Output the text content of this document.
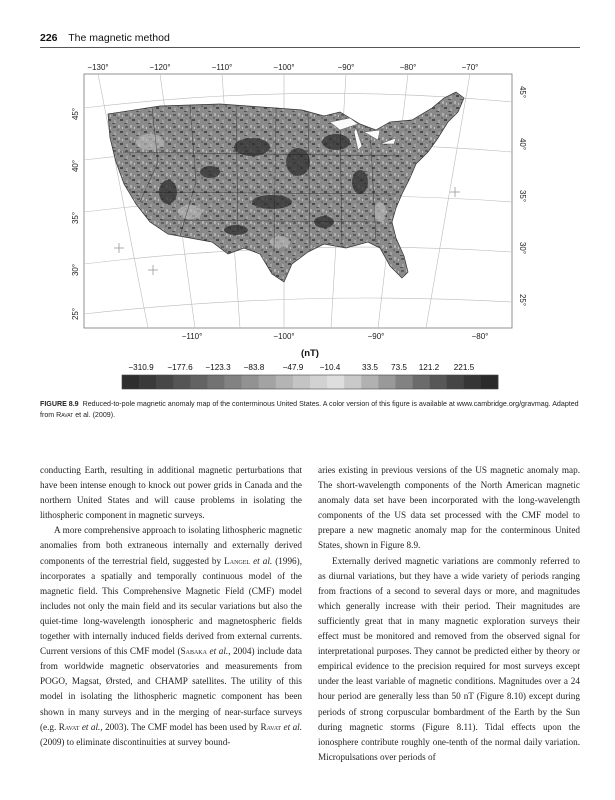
226 The magnetic method
−130°	−120°	−110°	−100°	−90°	−80°	−70°
−110°	−100°	−90°	−80°
45°
40°
35°
30°
25°
45°
40°
35°
30°
25°
(nT)
−310.9 −177.6 −123.3 −83.8 −47.9 −10.4	33.5 73.5 121.2 221.5
FIGURE 8.9 Reduced-to-pole magnetic anomaly map of the conterminous United States. A color version of this figure is available at www.cambridge.org/gravmag. Adapted from Ravat et al. (2009).

conducting Earth, resulting in additional magnetic perturbations that have been intense enough to knock out power grids in Canada and the northern United States and will cause problems in isolating the lithospheric component in magnetic surveys.

A more comprehensive approach to isolating lithospheric magnetic anomalies from both extraneous internally and externally derived components of the terrestrial field, suggested by Langel et al. (1996), incorporates a spatially and temporally continuous model of the magnetic field. This Comprehensive Magnetic Field (CMF) model includes not only the main field and its secular variations but also the quiet-time long-wavelength ionospheric and magnetospheric fields together with internally induced fields derived from external currents. Current versions of this CMF model (Sabaka et al., 2004) include data from worldwide magnetic observatories and measurements from POGO, Magsat, Ørsted, and CHAMP satellites. The utility of this model in isolating the lithospheric magnetic component has been shown in many surveys and in the merging of near-surface surveys (e.g. Ravat et al., 2003). The CMF model has been used by Ravat et al. (2009) to eliminate discontinuities at survey bound-

aries existing in previous versions of the US magnetic anomaly map. The short-wavelength components of the North American magnetic anomaly data set have been incorporated with the long-wavelength components of the US data set processed with the CMF model to prepare a new magnetic anomaly map for the conterminous United States, shown in Figure 8.9.

Externally derived magnetic variations are commonly referred to as diurnal variations, but they have a wide variety of periods ranging from fractions of a second to several days or more, and magnitudes which generally increase with their period. Their magnitudes are sufficiently great that in many magnetic exploration surveys their effect must be monitored and removed from the observed signal for interpretational purposes. They cannot be predicted either by theory or empirical evidence to the precision required for most surveys except under the least variable of magnetic conditions. Magnitudes over a 24 hour period are generally less than 50 nT (Figure 8.10) except during periods of strong corpuscular bombardment of the Earth by the Sun during magnetic storms (Figure 8.11). Tidal effects upon the ionosphere contribute roughly one-tenth of the normal daily variation. Micropulsations over periods of
